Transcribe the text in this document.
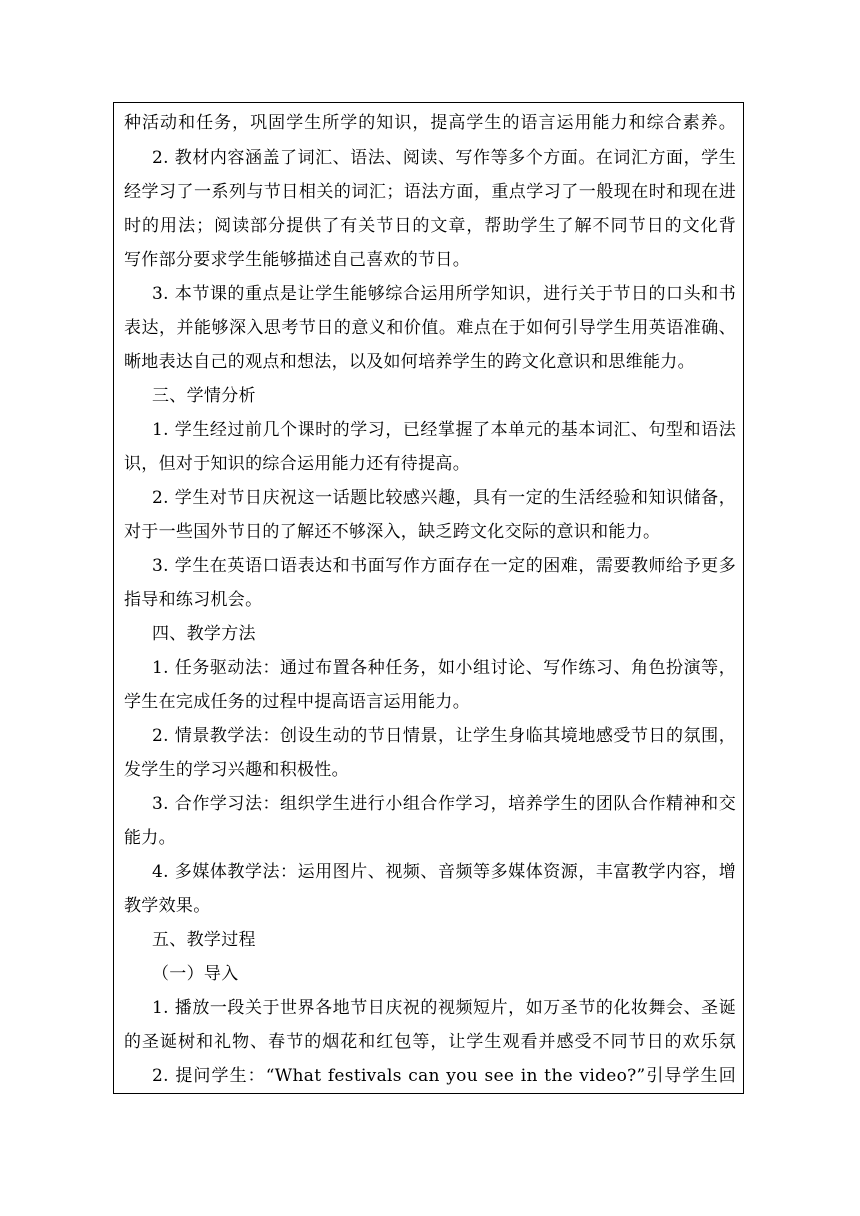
种活动和任务，巩固学生所学的知识，提高学生的语言运用能力和综合素养。
2. 教材内容涵盖了词汇、语法、阅读、写作等多个方面。在词汇方面，学生
经学习了一系列与节日相关的词汇；语法方面，重点学习了一般现在时和现在进
时的用法；阅读部分提供了有关节日的文章，帮助学生了解不同节日的文化背
写作部分要求学生能够描述自己喜欢的节日。
3. 本节课的重点是让学生能够综合运用所学知识，进行关于节日的口头和书
表达，并能够深入思考节日的意义和价值。难点在于如何引导学生用英语准确、
晰地表达自己的观点和想法，以及如何培养学生的跨文化意识和思维能力。
三、学情分析
1. 学生经过前几个课时的学习，已经掌握了本单元的基本词汇、句型和语法
识，但对于知识的综合运用能力还有待提高。
2. 学生对节日庆祝这一话题比较感兴趣，具有一定的生活经验和知识储备，
对于一些国外节日的了解还不够深入，缺乏跨文化交际的意识和能力。
3. 学生在英语口语表达和书面写作方面存在一定的困难，需要教师给予更多
指导和练习机会。
四、教学方法
1. 任务驱动法：通过布置各种任务，如小组讨论、写作练习、角色扮演等，
学生在完成任务的过程中提高语言运用能力。
2. 情景教学法：创设生动的节日情景，让学生身临其境地感受节日的氛围，
发学生的学习兴趣和积极性。
3. 合作学习法：组织学生进行小组合作学习，培养学生的团队合作精神和交
能力。
4. 多媒体教学法：运用图片、视频、音频等多媒体资源，丰富教学内容，增
教学效果。
五、教学过程
（一）导入
1. 播放一段关于世界各地节日庆祝的视频短片，如万圣节的化妆舞会、圣诞
的圣诞树和礼物、春节的烟花和红包等，让学生观看并感受不同节日的欢乐氛
2. 提问学生：“What festivals can you see in the video?”引导学生回
